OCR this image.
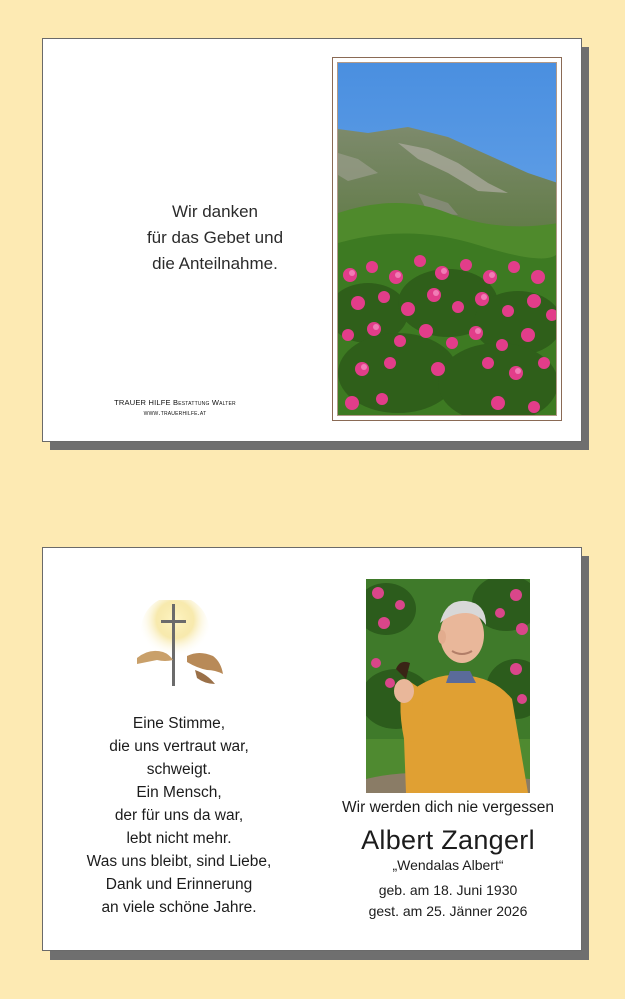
Wir danken
für das Gebet und
die Anteilnahme.
TRAUER HILFE Bestattung Walter
www.trauerhilfe.at
Eine Stimme,
die uns vertraut war,
schweigt.
Ein Mensch,
der für uns da war,
lebt nicht mehr.
Was uns bleibt, sind Liebe,
Dank und Erinnerung
an viele schöne Jahre.
Wir werden dich nie vergessen
Albert Zangerl
„Wendalas Albert“
geb. am 18. Juni 1930
gest. am 25. Jänner 2026
